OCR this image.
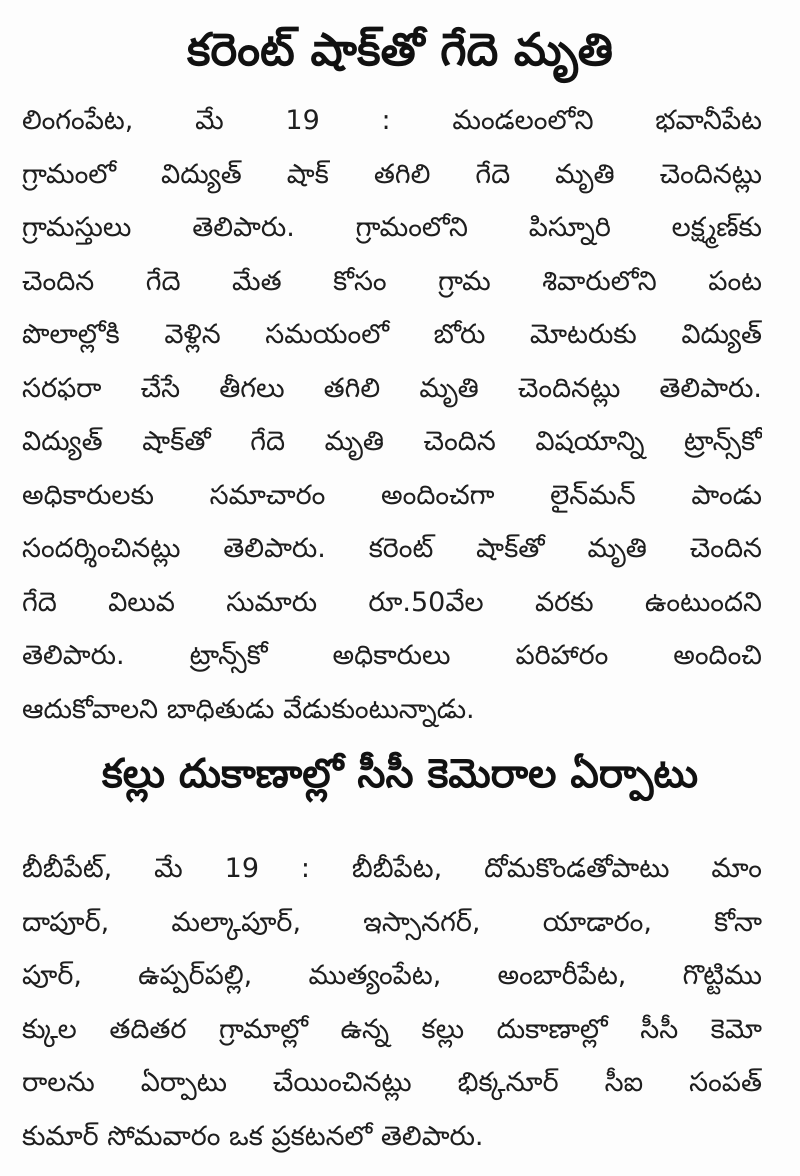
కరెంట్ షాక్‌తో గేదె మృతి
లింగంపేట, మే 19 : మండలంలోని భవానీపేట
గ్రామంలో విద్యుత్ షాక్ తగిలి గేదె మృతి చెందినట్లు
గ్రామస్తులు తెలిపారు. గ్రామంలోని పిస్నూరి లక్ష్మణ్‌కు
చెందిన గేదె మేత కోసం గ్రామ శివారులోని పంట
పొలాల్లోకి వెళ్లిన సమయంలో బోరు మోటరుకు విద్యుత్
సరఫరా చేసే తీగలు తగిలి మృతి చెందినట్లు తెలిపారు.
విద్యుత్ షాక్‌తో గేదె మృతి చెందిన విషయాన్ని ట్రాన్స్‌కో
అధికారులకు సమాచారం అందించగా లైన్‌మన్ పాండు
సందర్శించినట్లు తెలిపారు. కరెంట్ షాక్‌తో మృతి చెందిన
గేదె విలువ సుమారు రూ.50వేల వరకు ఉంటుందని
తెలిపారు. ట్రాన్స్‌కో అధికారులు పరిహారం అందించి
ఆదుకోవాలని బాధితుడు వేడుకుంటున్నాడు.
కల్లు దుకాణాల్లో సీసీ కెమెరాల ఏర్పాటు
బీబీపేట్, మే 19 : బీబీపేట, దోమకొండతోపాటు మాం
దాపూర్, మల్కాపూర్, ఇస్సానగర్, యాడారం, కోనా
పూర్, ఉప్పర్‌పల్లి, ముత్యంపేట, అంబారీపేట, గొట్టిము
క్కుల తదితర గ్రామాల్లో ఉన్న కల్లు దుకాణాల్లో సీసీ కెమో
రాలను ఏర్పాటు చేయించినట్లు భిక్కనూర్ సీఐ సంపత్
కుమార్ సోమవారం ఒక ప్రకటనలో తెలిపారు.
